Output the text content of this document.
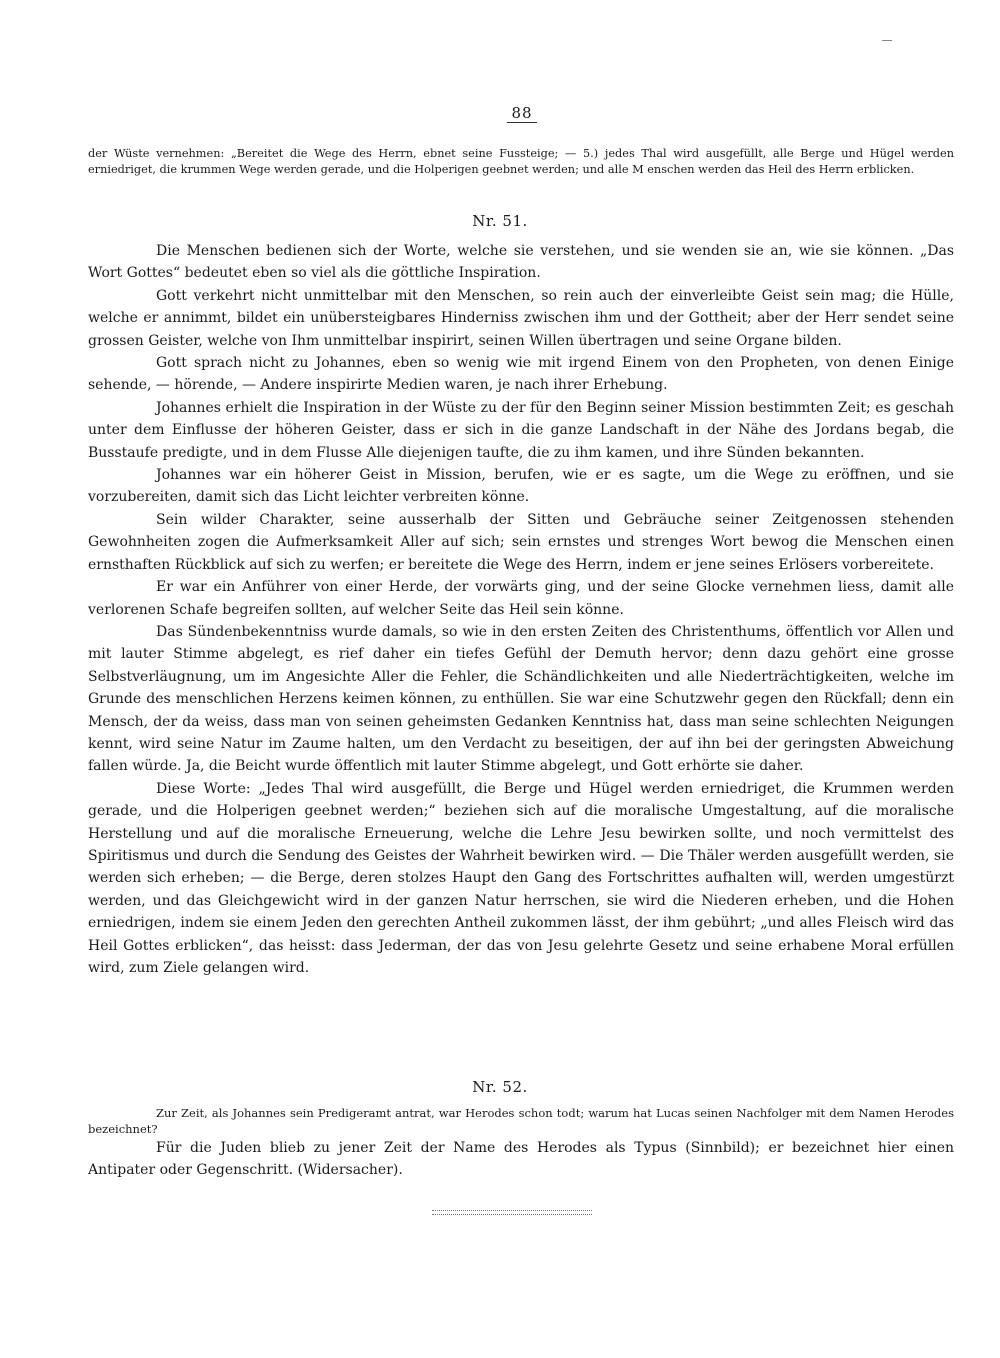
88
der Wüste vernehmen: „Bereitet die Wege des Herrn, ebnet seine Fussteige; — 5.) jedes Thal wird ausgefüllt, alle Berge und Hügel werden erniedriget, die krummen Wege werden gerade, und die Holperigen geebnet werden; und alle M enschen werden das Heil des Herrn erblicken.
Nr. 51.

Die Menschen bedienen sich der Worte, welche sie verstehen, und sie wenden sie an, wie sie können. „Das Wort Gottes“ bedeutet eben so viel als die göttliche Inspiration.

Gott verkehrt nicht unmittelbar mit den Menschen, so rein auch der einverleibte Geist sein mag; die Hülle, welche er annimmt, bildet ein unübersteigbares Hinderniss zwischen ihm und der Gottheit; aber der Herr sendet seine grossen Geister, welche von Ihm unmittelbar inspirirt, seinen Willen übertragen und seine Organe bilden.

Gott sprach nicht zu Johannes, eben so wenig wie mit irgend Einem von den Propheten, von denen Einige sehende, — hörende, — Andere inspirirte Medien waren, je nach ihrer Erhebung.

Johannes erhielt die Inspiration in der Wüste zu der für den Beginn seiner Mission bestimmten Zeit; es geschah unter dem Einflusse der höheren Geister, dass er sich in die ganze Landschaft in der Nähe des Jordans begab, die Busstaufe predigte, und in dem Flusse Alle diejenigen taufte, die zu ihm kamen, und ihre Sünden bekannten.

Johannes war ein höherer Geist in Mission, berufen, wie er es sagte, um die Wege zu eröffnen, und sie vorzubereiten, damit sich das Licht leichter verbreiten könne.

Sein wilder Charakter, seine ausserhalb der Sitten und Gebräuche seiner Zeitgenossen stehenden Gewohnheiten zogen die Aufmerksamkeit Aller auf sich; sein ernstes und strenges Wort bewog die Menschen einen ernsthaften Rückblick auf sich zu werfen; er bereitete die Wege des Herrn, indem er jene seines Erlösers vorbereitete.

Er war ein Anführer von einer Herde, der vorwärts ging, und der seine Glocke vernehmen liess, damit alle verlorenen Schafe begreifen sollten, auf welcher Seite das Heil sein könne.

Das Sündenbekenntniss wurde damals, so wie in den ersten Zeiten des Christenthums, öffentlich vor Allen und mit lauter Stimme abgelegt, es rief daher ein tiefes Gefühl der Demuth hervor; denn dazu gehört eine grosse Selbstverläugnung, um im Angesichte Aller die Fehler, die Schändlichkeiten und alle Niederträchtigkeiten, welche im Grunde des menschlichen Herzens keimen können, zu enthüllen. Sie war eine Schutzwehr gegen den Rückfall; denn ein Mensch, der da weiss, dass man von seinen geheimsten Gedanken Kenntniss hat, dass man seine schlechten Neigungen kennt, wird seine Natur im Zaume halten, um den Verdacht zu beseitigen, der auf ihn bei der geringsten Abweichung fallen würde. Ja, die Beicht wurde öffentlich mit lauter Stimme abgelegt, und Gott erhörte sie daher.

Diese Worte: „Jedes Thal wird ausgefüllt, die Berge und Hügel werden erniedriget, die Krummen werden gerade, und die Holperigen geebnet werden;“ beziehen sich auf die moralische Umgestaltung, auf die moralische Herstellung und auf die moralische Erneuerung, welche die Lehre Jesu bewirken sollte, und noch vermittelst des Spiritismus und durch die Sendung des Geistes der Wahrheit bewirken wird. — Die Thäler werden ausgefüllt werden, sie werden sich erheben; — die Berge, deren stolzes Haupt den Gang des Fortschrittes aufhalten will, werden umgestürzt werden, und das Gleichgewicht wird in der ganzen Natur herrschen, sie wird die Niederen erheben, und die Hohen erniedrigen, indem sie einem Jeden den gerechten Antheil zukommen lässt, der ihm gebührt; „und alles Fleisch wird das Heil Gottes erblicken“, das heisst: dass Jederman, der das von Jesu gelehrte Gesetz und seine erhabene Moral erfüllen wird, zum Ziele gelangen wird.

Nr. 52.

Zur Zeit, als Johannes sein Predigeramt antrat, war Herodes schon todt; warum hat Lucas seinen Nachfolger mit dem Namen Herodes bezeichnet?

Für die Juden blieb zu jener Zeit der Name des Herodes als Typus (Sinnbild); er bezeichnet hier einen Antipater oder Gegenschritt. (Widersacher).
